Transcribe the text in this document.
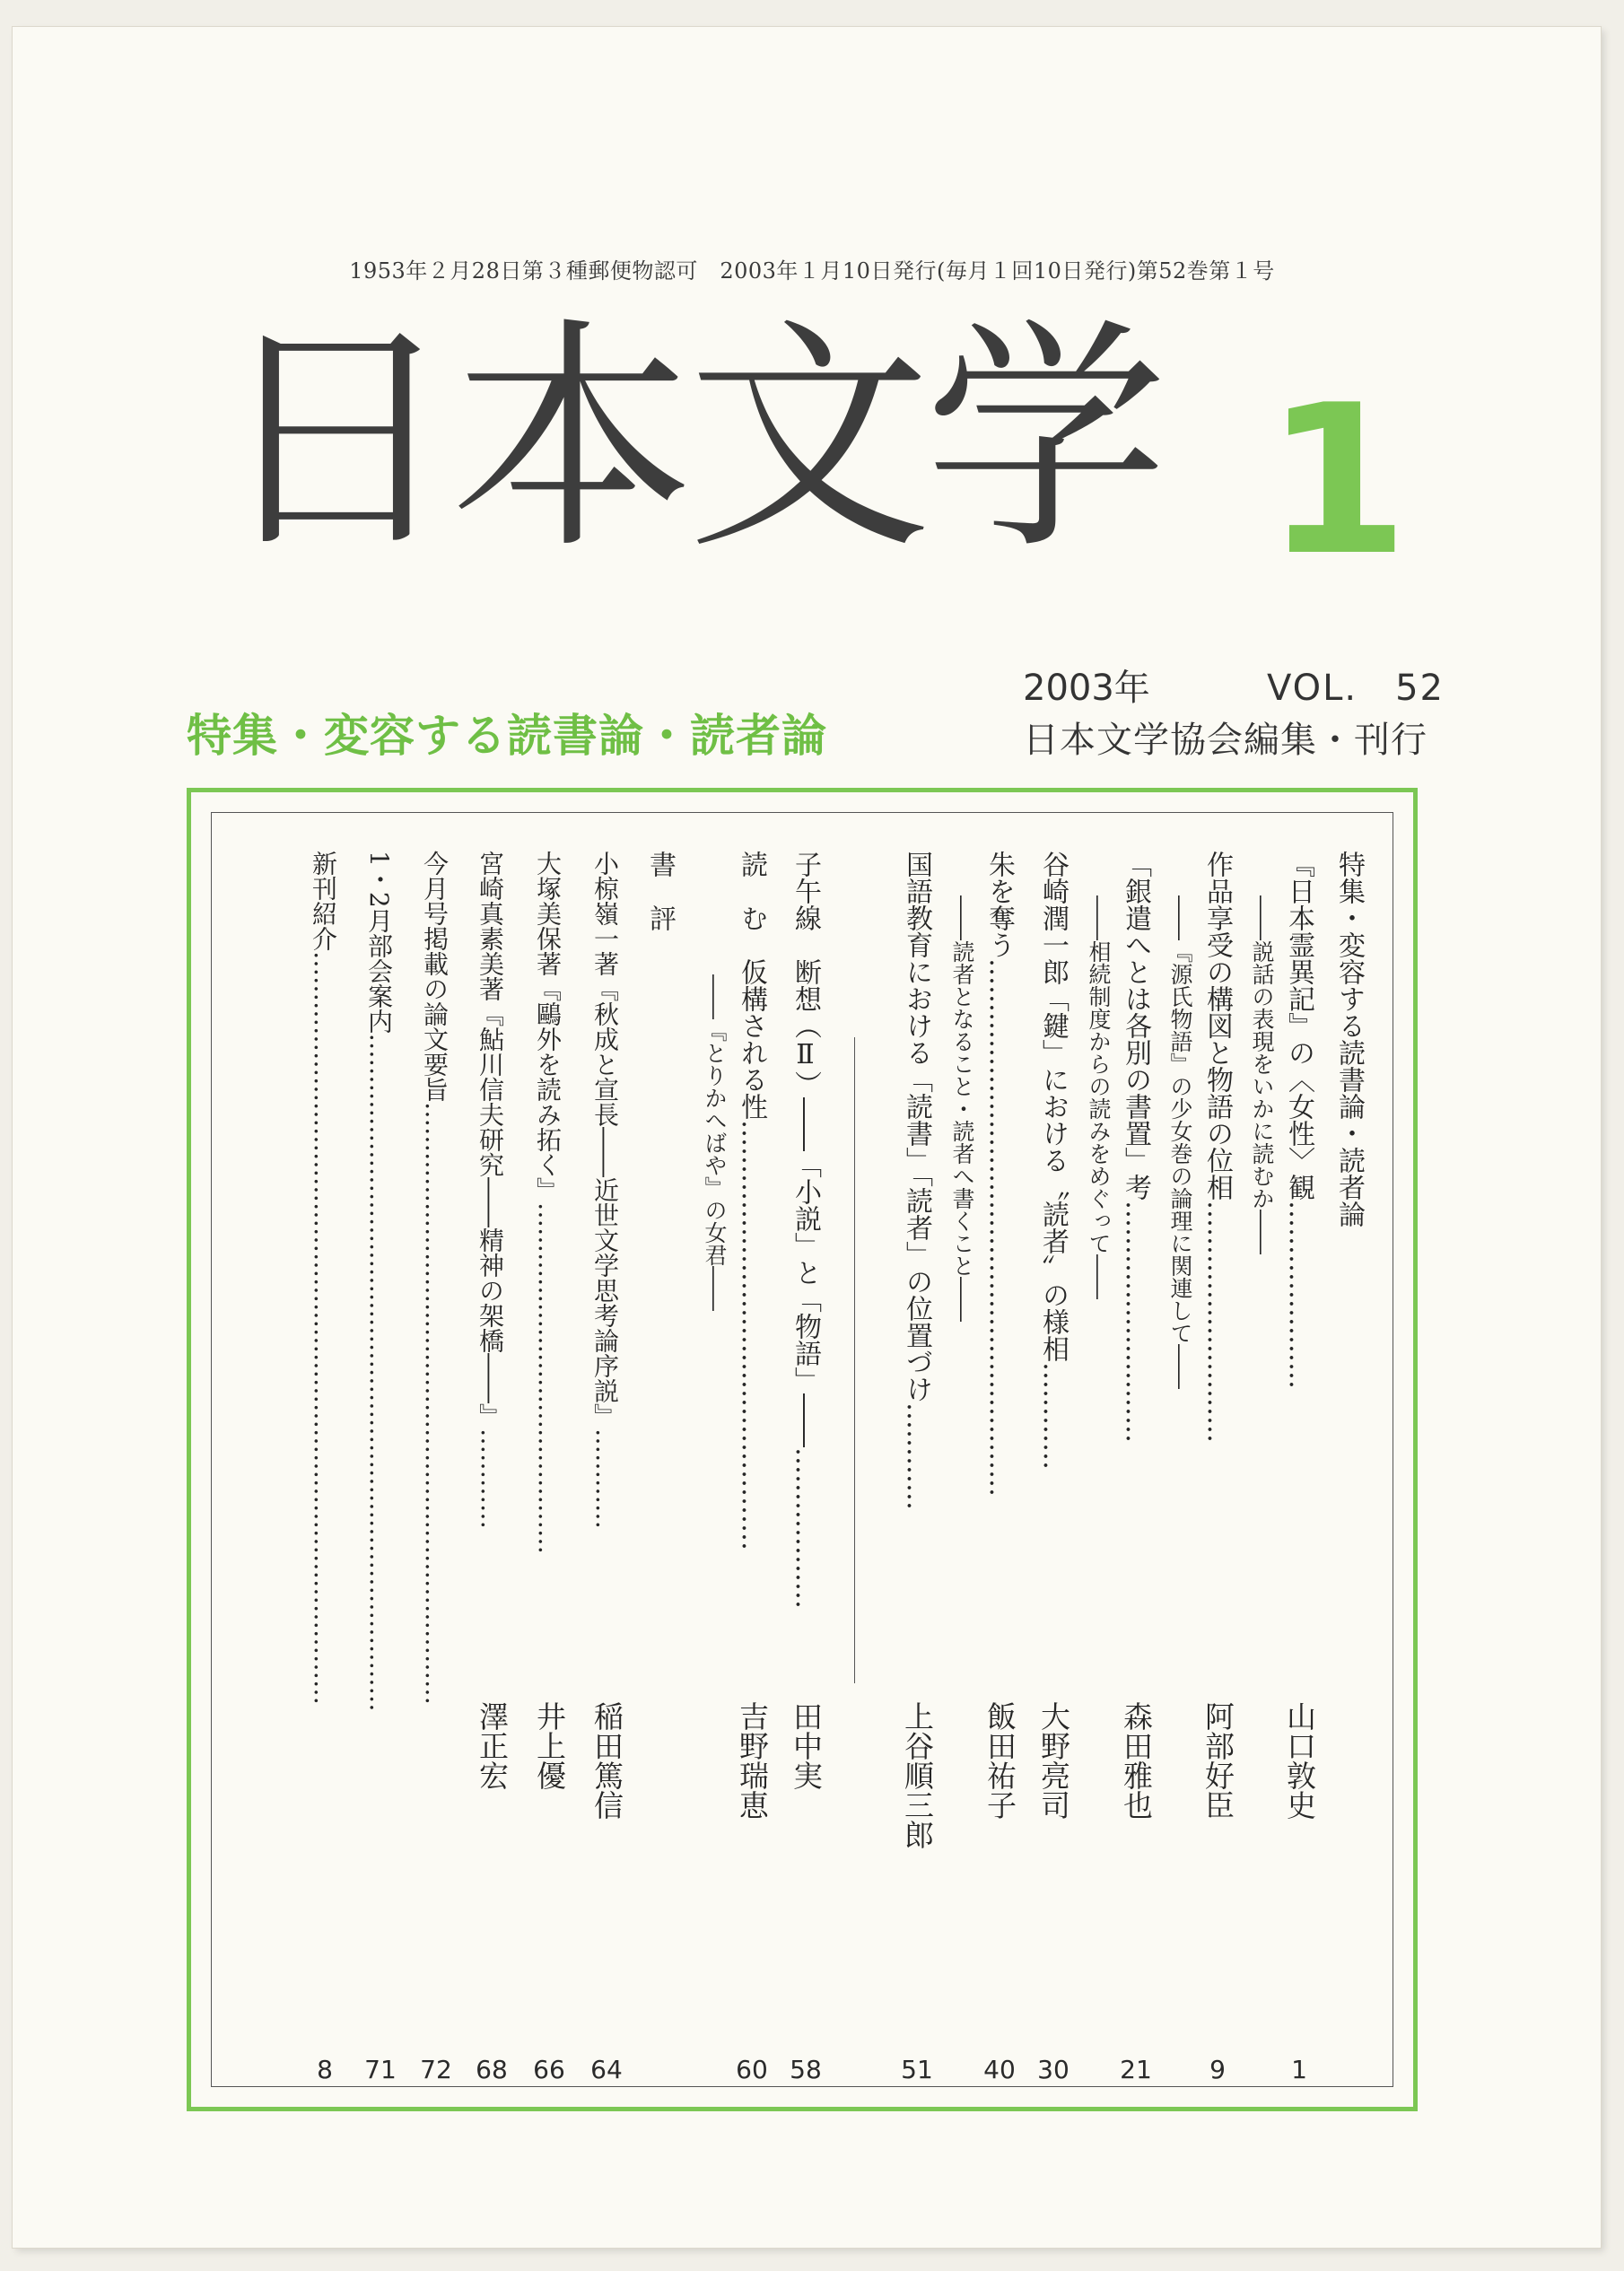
1953年２月28日第３種郵便物認可　2003年１月10日発行(毎月１回10日発行)第52巻第１号
日本文学 1
2003年	VOL.　52
日本文学協会編集・刊行
特集・変容する読書論・読者論
特集・変容する読書論・読者論
『日本霊異記』の〈女性〉観…………………
――説話の表現をいかに読むか――
山口敦史
1
作品享受の構図と物語の位相………………………
――『源氏物語』の少女巻の論理に関連して――
阿部好臣
9
「銀遣へとは各別の書置」考………………………
――相続制度からの読みをめぐって――
森田雅也
21
谷崎潤一郎「鍵」における〝読者〟の様相…………
大野亮司
30
朱を奪う……………………………………………………
――読者となること・読者へ書くこと――
飯田祐子
40
国語教育における「読書」「読者」の位置づけ…………
上谷順三郎
51
子午線　断想（Ⅱ）――「小説」と「物語」――………………
田中実
58
読　む　仮構される性…………………………………………
――『とりかへばや』の女君――
吉野瑞恵
60
書　評
小椋嶺一著『秋成と宣長――近世文学思考論序説』…………
稲田篤信
64
大塚美保著『鷗外を読み拓く』……………………………………
井上優
66
宮崎真素美著『鮎川信夫研究――精神の架橋――』…………
澤正宏
68
今月号掲載の論文要旨………………………………………………………………
72
1・2月部会案内………………………………………………………………………
71
新刊紹介………………………………………………………………………………
8
